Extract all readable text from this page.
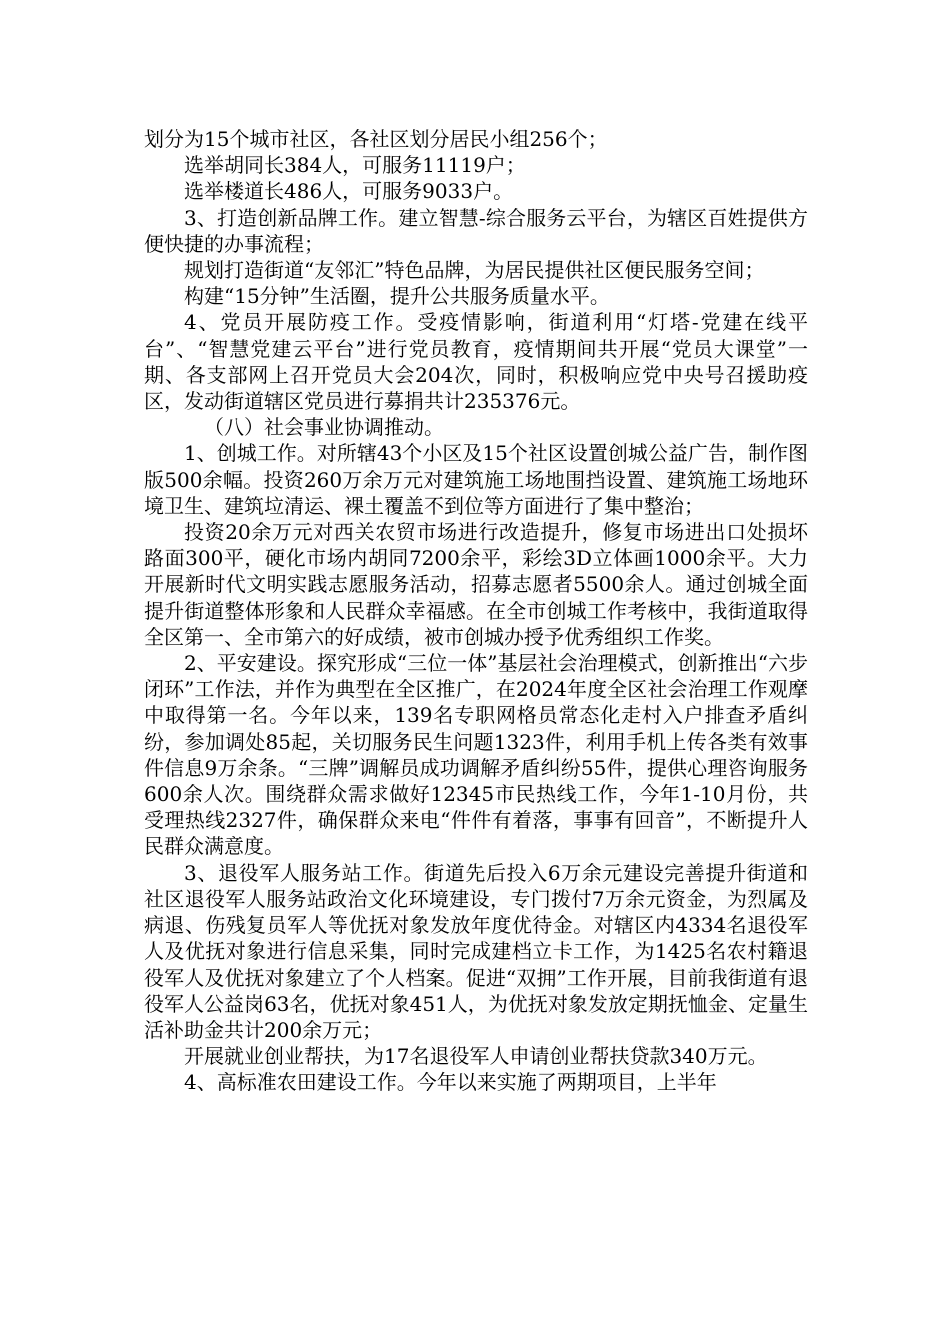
划分为15个城市社区，各社区划分居民小组256个；

选举胡同长384人，可服务11119户；

选举楼道长486人，可服务9033户。

3、打造创新品牌工作。建立智慧-综合服务云平台，为辖区百姓提供方便快捷的办事流程；

规划打造街道“友邻汇”特色品牌，为居民提供社区便民服务空间；

构建“15分钟”生活圈，提升公共服务质量水平。

4、党员开展防疫工作。受疫情影响，街道利用“灯塔-党建在线平台”、“智慧党建云平台”进行党员教育，疫情期间共开展“党员大课堂”一期、各支部网上召开党员大会204次，同时，积极响应党中央号召援助疫区，发动街道辖区党员进行募捐共计235376元。

（八）社会事业协调推动。

1、创城工作。对所辖43个小区及15个社区设置创城公益广告，制作图版500余幅。投资260万余万元对建筑施工场地围挡设置、建筑施工场地环境卫生、建筑垃清运、裸土覆盖不到位等方面进行了集中整治；

投资20余万元对西关农贸市场进行改造提升，修复市场进出口处损坏路面300平，硬化市场内胡同7200余平，彩绘3D立体画1000余平。大力开展新时代文明实践志愿服务活动，招募志愿者5500余人。通过创城全面提升街道整体形象和人民群众幸福感。在全市创城工作考核中，我街道取得全区第一、全市第六的好成绩，被市创城办授予优秀组织工作奖。

2、平安建设。探究形成“三位一体”基层社会治理模式，创新推出“六步闭环”工作法，并作为典型在全区推广，在2024年度全区社会治理工作观摩中取得第一名。今年以来，139名专职网格员常态化走村入户排查矛盾纠纷，参加调处85起，关切服务民生问题1323件，利用手机上传各类有效事件信息9万余条。“三牌”调解员成功调解矛盾纠纷55件，提供心理咨询服务600余人次。围绕群众需求做好12345市民热线工作，今年1-10月份，共受理热线2327件，确保群众来电“件件有着落，事事有回音”，不断提升人民群众满意度。

3、退役军人服务站工作。街道先后投入6万余元建设完善提升街道和社区退役军人服务站政治文化环境建设，专门拨付7万余元资金，为烈属及病退、伤残复员军人等优抚对象发放年度优待金。对辖区内4334名退役军人及优抚对象进行信息采集，同时完成建档立卡工作，为1425名农村籍退役军人及优抚对象建立了个人档案。促进“双拥”工作开展，目前我街道有退役军人公益岗63名，优抚对象451人，为优抚对象发放定期抚恤金、定量生活补助金共计200余万元；

开展就业创业帮扶，为17名退役军人申请创业帮扶贷款340万元。

4、高标准农田建设工作。今年以来实施了两期项目，上半年
